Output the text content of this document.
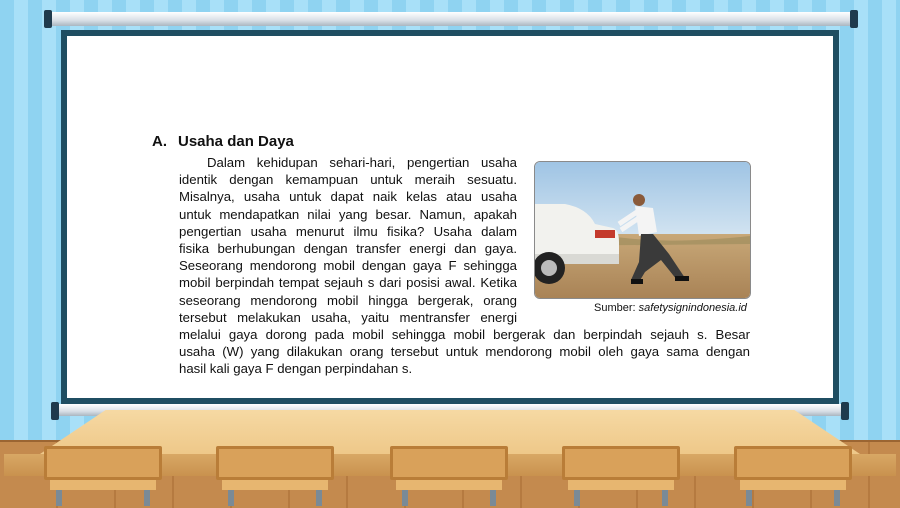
A. Usaha dan Daya
Dalam kehidupan sehari-hari, pengertian usaha
identik dengan kemampuan untuk meraih sesuatu.
Misalnya, usaha untuk dapat naik kelas atau usaha
untuk mendapatkan nilai yang besar. Namun, apakah
pengertian usaha menurut ilmu fisika? Usaha dalam
fisika berhubungan dengan transfer energi dan gaya.
Seseorang mendorong mobil dengan gaya F sehingga
mobil berpindah tempat sejauh s dari posisi awal. Ketika
seseorang mendorong mobil hingga bergerak, orang
tersebut melakukan usaha, yaitu mentransfer energi
melalui gaya dorong pada mobil sehingga mobil bergerak dan berpindah sejauh s. Besar
usaha (W) yang dilakukan orang tersebut untuk mendorong mobil oleh gaya sama dengan
hasil kali gaya F dengan perpindahan s.
Sumber: safetysignindonesia.id
